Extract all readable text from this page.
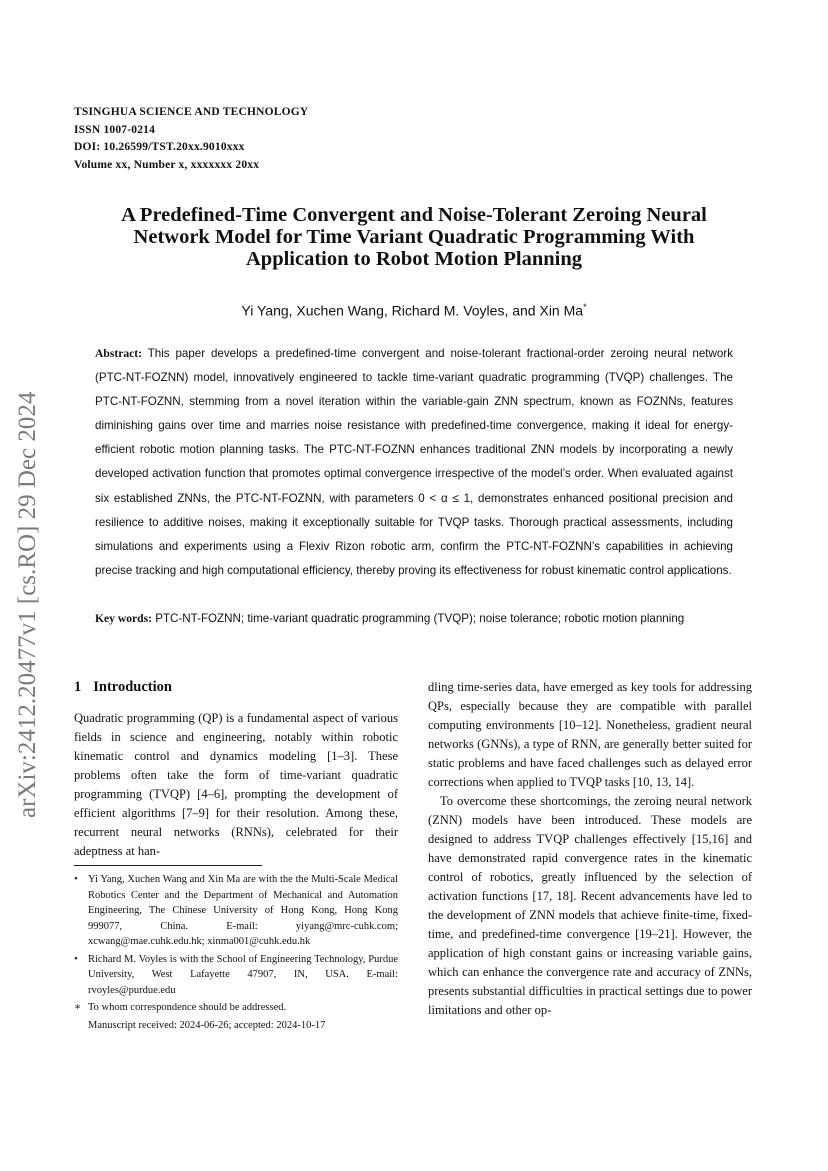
arXiv:2412.20477v1 [cs.RO] 29 Dec 2024
TSINGHUA SCIENCE AND TECHNOLOGY
ISSN 1007-0214
DOI: 10.26599/TST.20xx.9010xxx
Volume xx, Number x, xxxxxxx 20xx
A Predefined-Time Convergent and Noise-Tolerant Zeroing Neural
Network Model for Time Variant Quadratic Programming With
Application to Robot Motion Planning
Yi Yang, Xuchen Wang, Richard M. Voyles, and Xin Ma*
Abstract: This paper develops a predefined-time convergent and noise-tolerant fractional-order zeroing neural network (PTC-NT-FOZNN) model, innovatively engineered to tackle time-variant quadratic programming (TVQP) challenges. The PTC-NT-FOZNN, stemming from a novel iteration within the variable-gain ZNN spectrum, known as FOZNNs, features diminishing gains over time and marries noise resistance with predefined-time convergence, making it ideal for energy-efficient robotic motion planning tasks. The PTC-NT-FOZNN enhances traditional ZNN models by incorporating a newly developed activation function that promotes optimal convergence irrespective of the model’s order. When evaluated against six established ZNNs, the PTC-NT-FOZNN, with parameters 0 < α ≤ 1, demonstrates enhanced positional precision and resilience to additive noises, making it exceptionally suitable for TVQP tasks. Thorough practical assessments, including simulations and experiments using a Flexiv Rizon robotic arm, confirm the PTC-NT-FOZNN’s capabilities in achieving precise tracking and high computational efficiency, thereby proving its effectiveness for robust kinematic control applications.
Key words: PTC-NT-FOZNN; time-variant quadratic programming (TVQP); noise tolerance; robotic motion planning
1 Introduction

Quadratic programming (QP) is a fundamental aspect of various fields in science and engineering, notably within robotic kinematic control and dynamics modeling [1–3]. These problems often take the form of time-variant quadratic programming (TVQP) [4–6], prompting the development of efficient algorithms [7–9] for their resolution. Among these, recurrent neural networks (RNNs), celebrated for their adeptness at han-

• Yi Yang, Xuchen Wang and Xin Ma are with the the Multi-Scale Medical Robotics Center and the Department of Mechanical and Automation Engineering, The Chinese University of Hong Kong, Hong Kong 999077, China. E-mail: yiyang@mrc-cuhk.com; xcwang@mae.cuhk.edu.hk; xinma001@cuhk.edu.hk
• Richard M. Voyles is with the School of Engineering Technology, Purdue University, West Lafayette 47907, IN, USA. E-mail: rvoyles@purdue.edu
∗ To whom correspondence should be addressed.
Manuscript received: 2024-06-26; accepted: 2024-10-17

dling time-series data, have emerged as key tools for addressing QPs, especially because they are compatible with parallel computing environments [10–12]. Nonetheless, gradient neural networks (GNNs), a type of RNN, are generally better suited for static problems and have faced challenges such as delayed error corrections when applied to TVQP tasks [10, 13, 14].

To overcome these shortcomings, the zeroing neural network (ZNN) models have been introduced. These models are designed to address TVQP challenges effectively [15,16] and have demonstrated rapid convergence rates in the kinematic control of robotics, greatly influenced by the selection of activation functions [17, 18]. Recent advancements have led to the development of ZNN models that achieve finite-time, fixed-time, and predefined-time convergence [19–21]. However, the application of high constant gains or increasing variable gains, which can enhance the convergence rate and accuracy of ZNNs, presents substantial difficulties in practical settings due to power limitations and other op-
